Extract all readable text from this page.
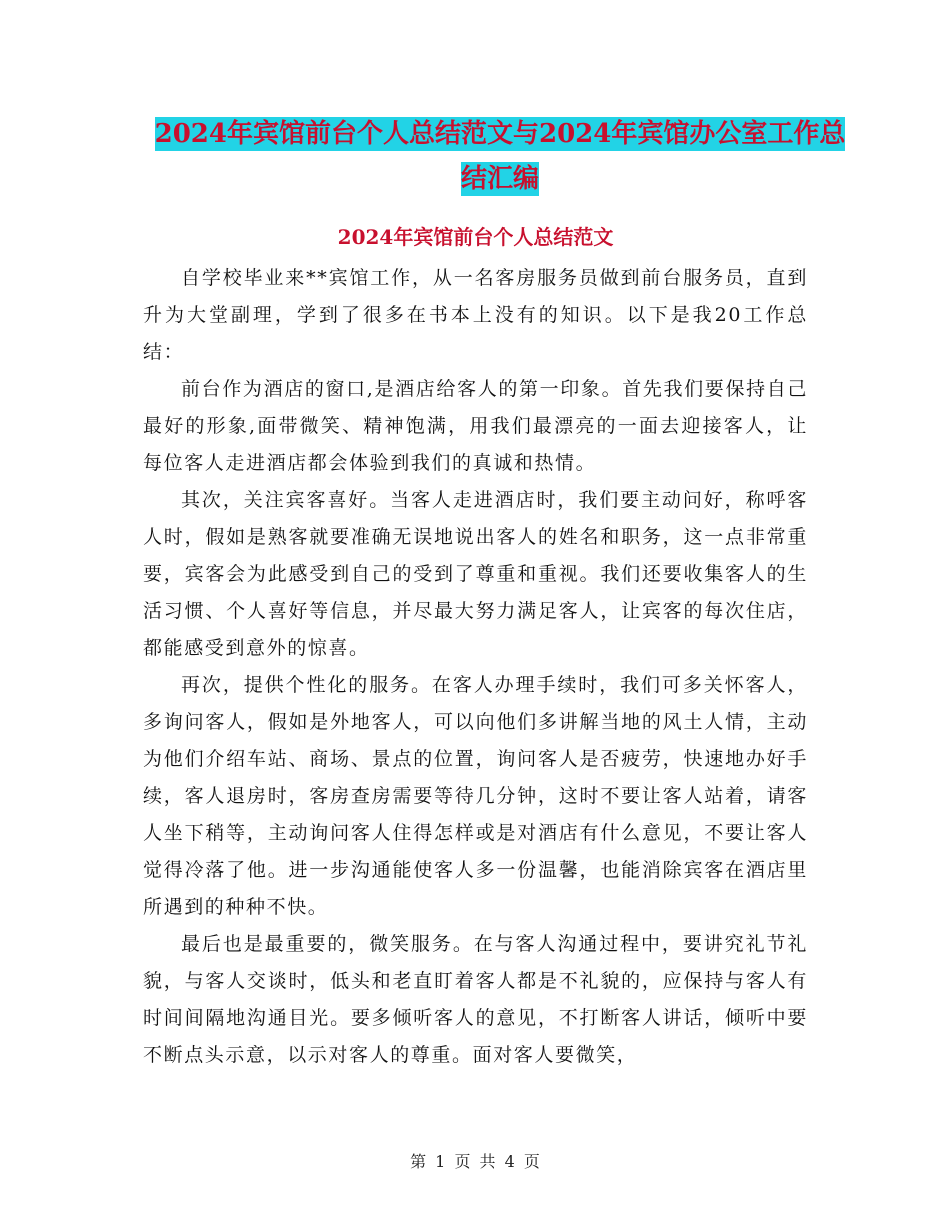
2024年宾馆前台个人总结范文与2024年宾馆办公室工作总结汇编
2024年宾馆前台个人总结范文

自学校毕业来**宾馆工作，从一名客房服务员做到前台服务员，直到升为大堂副理，学到了很多在书本上没有的知识。以下是我20工作总结：

前台作为酒店的窗口,是酒店给客人的第一印象。首先我们要保持自己最好的形象,面带微笑、精神饱满，用我们最漂亮的一面去迎接客人，让每位客人走进酒店都会体验到我们的真诚和热情。

其次，关注宾客喜好。当客人走进酒店时，我们要主动问好，称呼客人时，假如是熟客就要准确无误地说出客人的姓名和职务，这一点非常重要，宾客会为此感受到自己的受到了尊重和重视。我们还要收集客人的生活习惯、个人喜好等信息，并尽最大努力满足客人，让宾客的每次住店，都能感受到意外的惊喜。

再次，提供个性化的服务。在客人办理手续时，我们可多关怀客人，多询问客人，假如是外地客人，可以向他们多讲解当地的风土人情，主动为他们介绍车站、商场、景点的位置，询问客人是否疲劳，快速地办好手续，客人退房时，客房查房需要等待几分钟，这时不要让客人站着，请客人坐下稍等，主动询问客人住得怎样或是对酒店有什么意见，不要让客人觉得冷落了他。进一步沟通能使客人多一份温馨，也能消除宾客在酒店里所遇到的种种不快。

最后也是最重要的，微笑服务。在与客人沟通过程中，要讲究礼节礼貌，与客人交谈时，低头和老直盯着客人都是不礼貌的，应保持与客人有时间间隔地沟通目光。要多倾听客人的意见，不打断客人讲话，倾听中要不断点头示意，以示对客人的尊重。面对客人要微笑，

第 1 页 共 4 页
